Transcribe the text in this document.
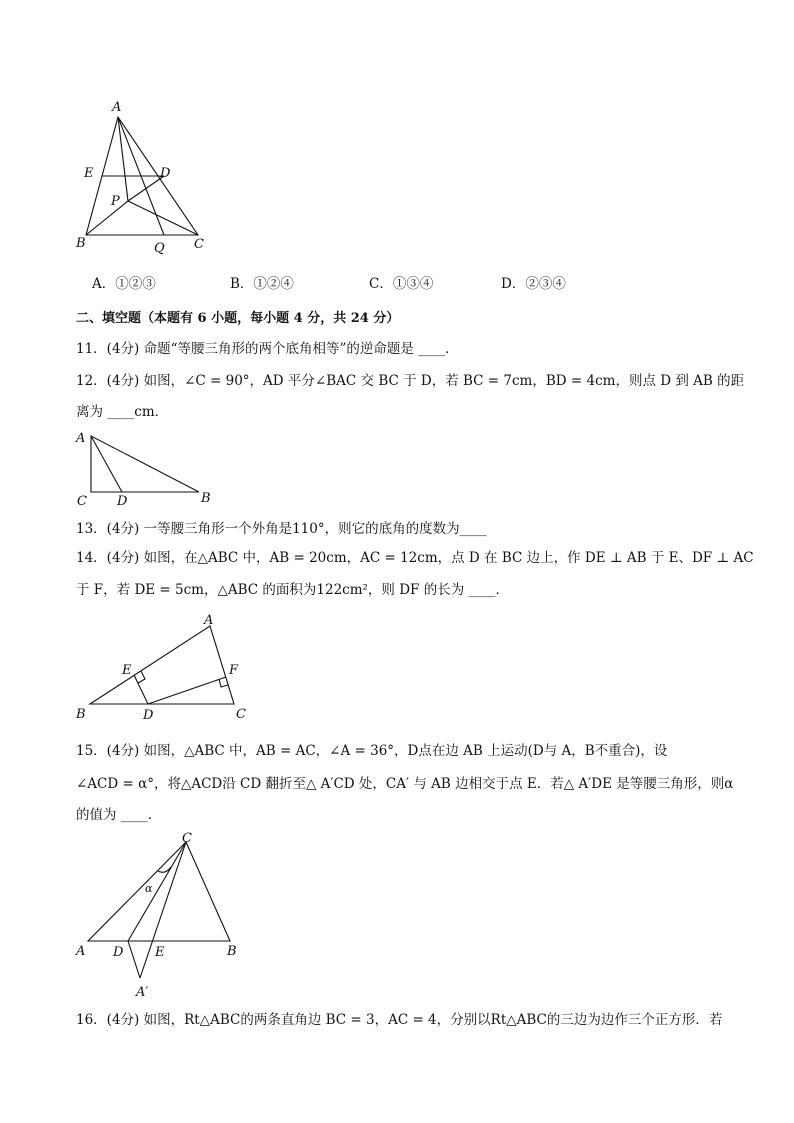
A
E	D
P
B	Q C
A．①②③	B．①②④	C．①③④	D．②③④
二、填空题（本题有 6 小题，每小题 4 分，共 24 分）
11．(4分) 命题“等腰三角形的两个底角相等”的逆命题是 ____．
12．(4分) 如图，∠C = 90°，AD 平分∠BAC 交 BC 于 D，若 BC = 7cm，BD = 4cm，则点 D 到 AB 的距
离为 ____cm．
A
C D	B
13．(4分) 一等腰三角形一个外角是110°，则它的底角的度数为____
14．(4分) 如图，在△ABC 中，AB = 20cm，AC = 12cm，点 D 在 BC 边上，作 DE ⊥ AB 于 E、DF ⊥ AC
于 F，若 DE = 5cm，△ABC 的面积为122cm²，则 DF 的长为 ____．
A
E	F
B	D	C
15．(4分) 如图，△ABC 中，AB = AC，∠A = 36°，D点在边 AB 上运动(D与 A，B不重合)，设
∠ACD = α°，将△ACD沿 CD 翻折至△ A′CD 处，CA′ 与 AB 边相交于点 E．若△ A′DE 是等腰三角形，则α
的值为 ____．
C
α
A D E	B
A′
16．(4分) 如图，Rt△ABC的两条直角边 BC = 3，AC = 4，分别以Rt△ABC的三边为边作三个正方形．若
